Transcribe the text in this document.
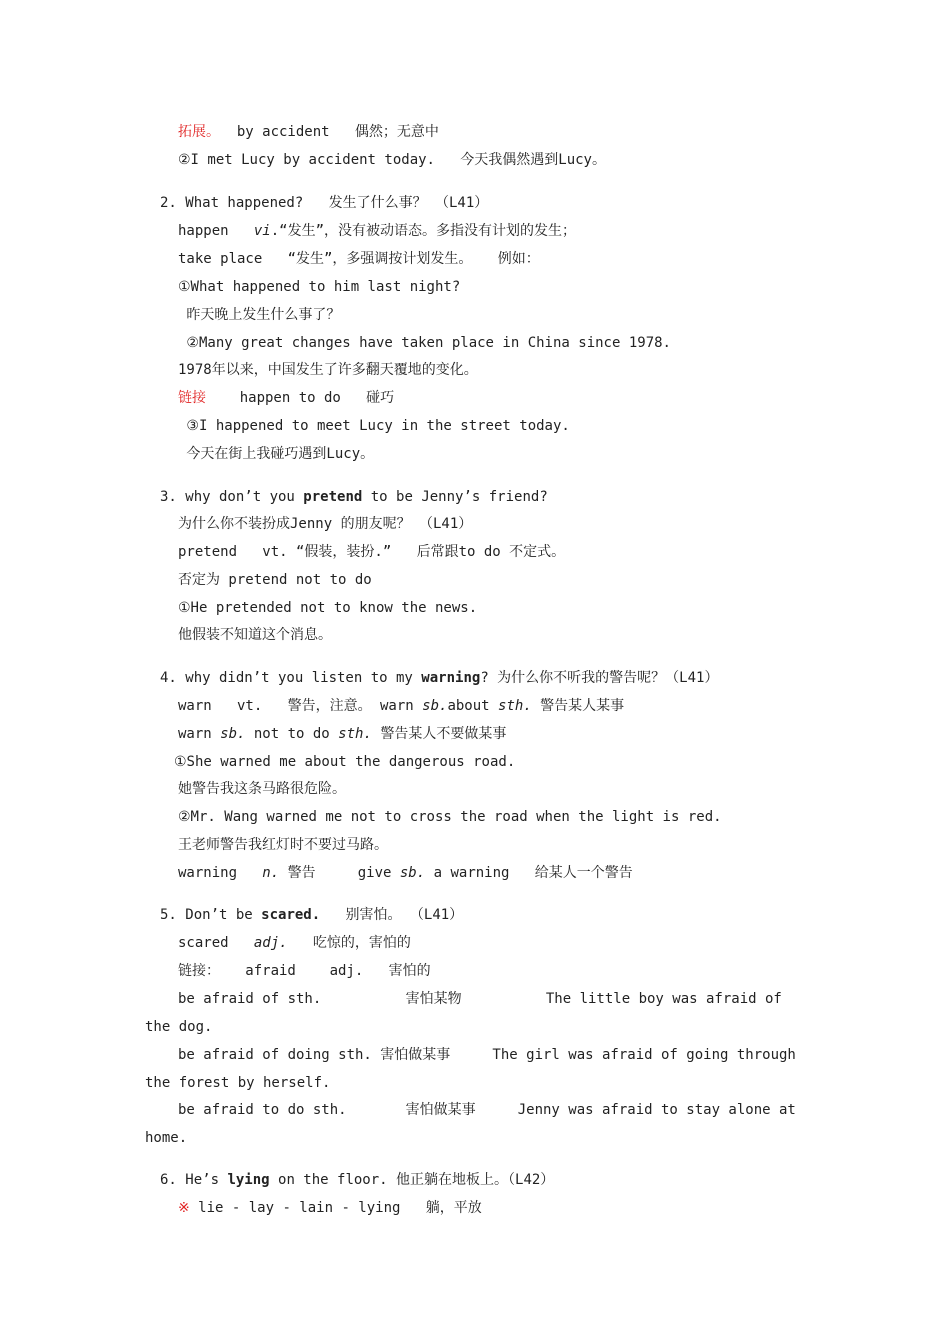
拓展。  by accident   偶然；无意中
②I met Lucy by accident today.   今天我偶然遇到Lucy。
2. What happened?   发生了什么事？ （L41）
happen   vi.“发生”，没有被动语态。多指没有计划的发生；
take place   “发生”，多强调按计划发生。   例如：
①What happened to him last night?
昨天晚上发生什么事了？
②Many great changes have taken place in China since 1978.
1978年以来，中国发生了许多翻天覆地的变化。
链接    happen to do   碰巧
③I happened to meet Lucy in the street today.
今天在街上我碰巧遇到Lucy。
3. why don’t you pretend to be Jenny’s friend?
为什么你不装扮成Jenny 的朋友呢？ （L41）
pretend   vt. “假装，装扮.”   后常跟to do 不定式。
否定为 pretend not to do
①He pretended not to know the news.
他假装不知道这个消息。
4. why didn’t you listen to my warning? 为什么你不听我的警告呢？（L41）
warn   vt.   警告，注意。 warn sb.about sth. 警告某人某事
warn sb. not to do sth. 警告某人不要做某事
①She warned me about the dangerous road.
她警告我这条马路很危险。
②Mr. Wang warned me not to cross the road when the light is red.
王老师警告我红灯时不要过马路。
warning   n. 警告     give sb. a warning   给某人一个警告
5. Don’t be scared.   别害怕。 （L41）
scared   adj.   吃惊的，害怕的
链接：   afraid    adj.   害怕的
be afraid of sth.          害怕某物          The little boy was afraid of
the dog.
be afraid of doing sth. 害怕做某事     The girl was afraid of going through
the forest by herself.
be afraid to do sth.       害怕做某事     Jenny was afraid to stay alone at
home.
6. He’s lying on the floor. 他正躺在地板上。（L42）
※ lie - lay - lain - lying   躺，平放
